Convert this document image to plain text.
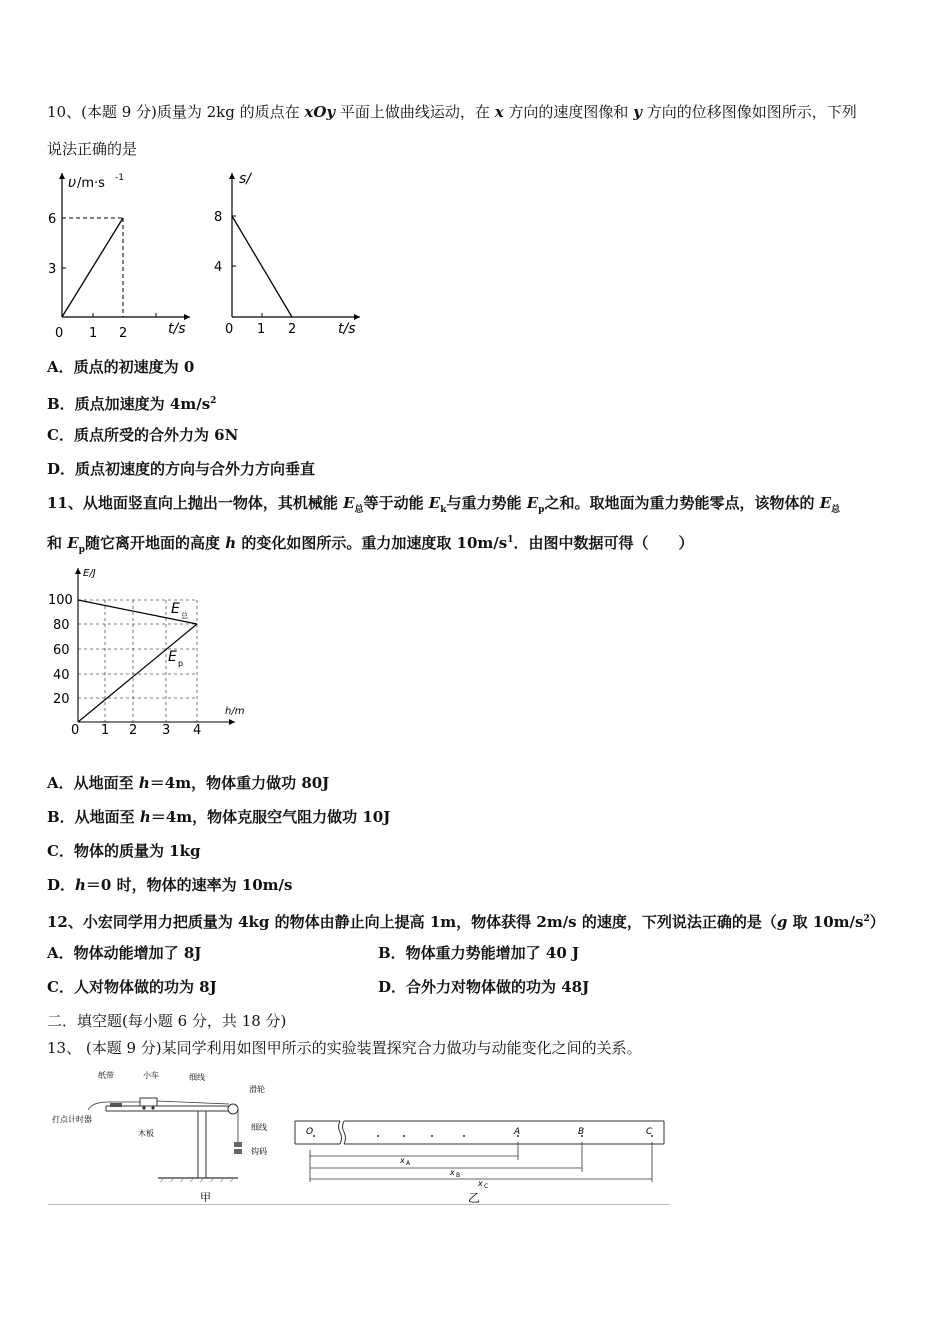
10、(本题 9 分)质量为 2kg 的质点在 xOy 平面上做曲线运动，在 x 方向的速度图像和 y 方向的位移图像如图所示，下列
说法正确的是
υ /m·s -1
3
6
0 1 2	t/s
s/
4
8
0 1 2	t/s
A．质点的初速度为 0
B．质点加速度为 $4m/s^2$
C．质点所受的合外力为 6N
D．质点初速度的方向与合外力方向垂直
11、从地面竖直向上抛出一物体，其机械能 $E_总$等于动能 $E_k$与重力势能 $E_p$之和。取地面为重力势能零点，该物体的 $E_总$
和 $E_p$随它离开地面的高度 h 的变化如图所示。重力加速度取 $10m/s^1$．由图中数据可得（　　）
E/J
h/m
100
80
60
40
20
0 1 2 3 4
E 总
E p
A．从地面至 h＝4m，物体重力做功 80J
B．从地面至 h＝4m，物体克服空气阻力做功 10J
C．物体的质量为 1kg
D．h＝0 时，物体的速率为 10m/s
12、小宏同学用力把质量为 4kg 的物体由静止向上提高 1m，物体获得 2m/s 的速度，下列说法正确的是（g 取 $10m/s^2$）
A．物体动能增加了 8J	B．物体重力势能增加了 40 J
C．人对物体做的功为 8J	D．合外力对物体做的功为 48J
二．填空题(每小题 6 分，共 18 分)
13、 (本题 9 分)某同学利用如图甲所示的实验装置探究合力做功与动能变化之间的关系。
纸带	小车	细线
滑轮
打点计时器
木板
细线
钩码
甲
O	A	B	C
x A
x B
x C
乙
